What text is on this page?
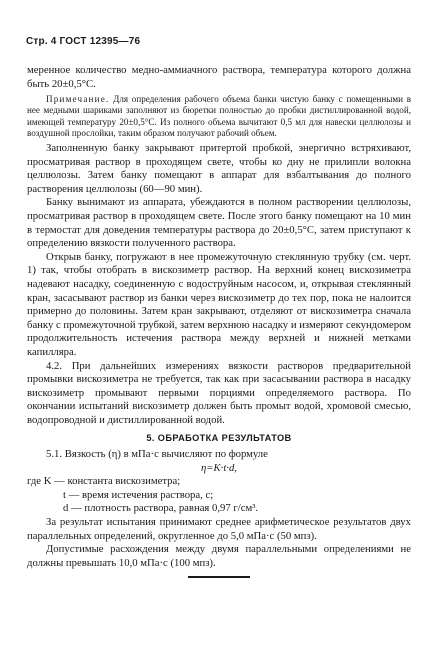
Стр. 4 ГОСТ 12395—76

меренное количество медно-аммиачного раствора, температура которого должна быть 20±0,5°С.

Примечание. Для определения рабочего объема банки чистую банку с помещенными в нее медными шариками заполняют из бюретки полностью до пробки дистиллированной водой, имеющей температуру 20±0,5°С. Из полного объема вычитают 0,5 мл для навески целлюлозы и воздушной прослойки, таким образом получают рабочий объем.

Заполненную банку закрывают притертой пробкой, энергично встряхивают, просматривая раствор в проходящем свете, чтобы ко дну не прилипли волокна целлюлозы. Затем банку помещают в аппарат для взбалтывания до полного растворения целлюлозы (60—90 мин).

Банку вынимают из аппарата, убеждаются в полном растворении целлюлозы, просматривая раствор в проходящем свете. После этого банку помещают на 10 мин в термостат для доведения температуры раствора до 20±0,5°С, затем приступают к определению вязкости полученного раствора.

Открыв банку, погружают в нее промежуточную стеклянную трубку (см. черт. 1) так, чтобы отобрать в вискозиметр раствор. На верхний конец вискозиметра надевают насадку, соединенную с водоструйным насосом, и, открывая стеклянный кран, засасывают раствор из банки через вискозиметр до тех пор, пока не налоится примерно до половины. Затем кран закрывают, отделяют от вискозиметра сначала банку с промежуточной трубкой, затем верхнюю насадку и измеряют секундомером продолжительность истечения раствора между верхней и нижней метками капилляра.

4.2. При дальнейших измерениях вязкости растворов предварительной промывки вискозиметра не требуется, так как при засасывании раствора в насадку вискозиметр промывают первыми порциями определяемого раствора. По окончании испытаний вискозиметр должен быть промыт водой, хромовой смесью, водопроводной и дистиллированной водой.

5. ОБРАБОТКА РЕЗУЛЬТАТОВ

5.1. Вязкость (η) в мПа·с вычисляют по формуле

η=K·t·d,

где K — константа вискозиметра;

t — время истечения раствора, с;

d — плотность раствора, равная 0,97 г/см³.

За результат испытания принимают среднее арифметическое результатов двух параллельных определений, округленное до 5,0 мПа·с (50 мпз).

Допустимые расхождения между двумя параллельными определениями не должны превышать 10,0 мПа·с (100 мпз).
